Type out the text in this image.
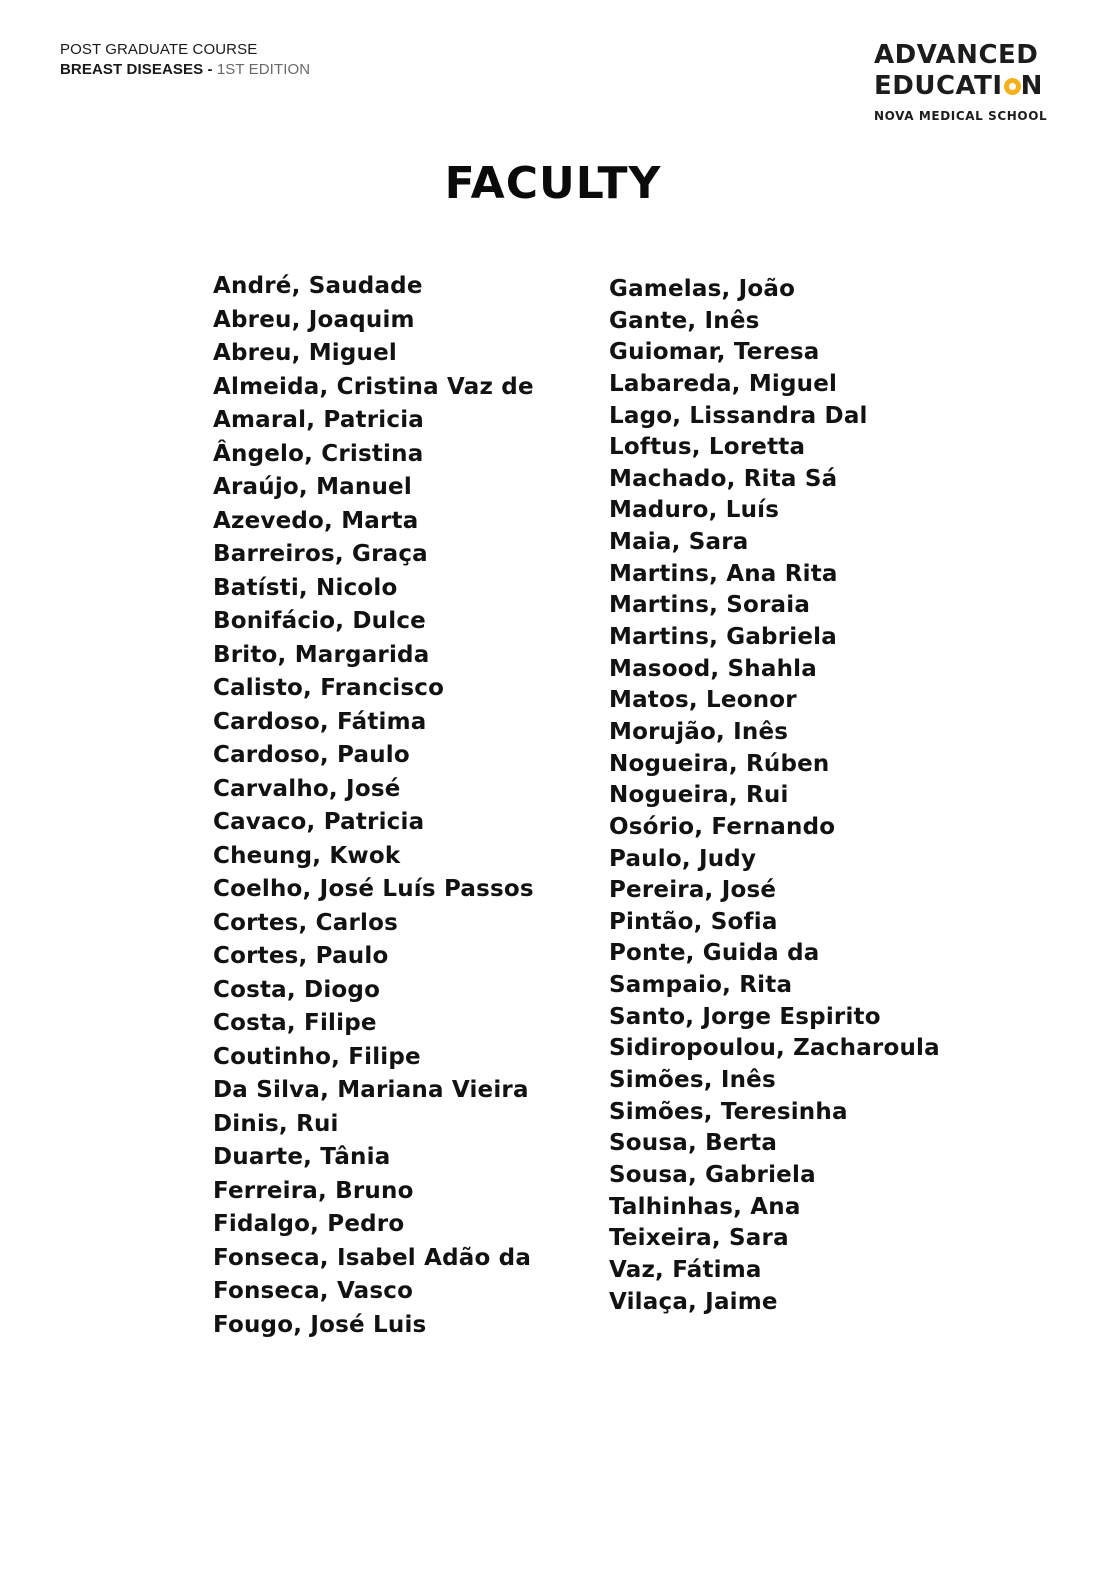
POST GRADUATE COURSE
BREAST DISEASES - 1ST EDITION	ADVANCED
EDUCATI N
NOVA MEDICAL SCHOOL
FACULTY
André, Saudade
Abreu, Joaquim
Abreu, Miguel
Almeida, Cristina Vaz de
Amaral, Patricia
Ângelo, Cristina
Araújo, Manuel
Azevedo, Marta
Barreiros, Graça
Batísti, Nicolo
Bonifácio, Dulce
Brito, Margarida
Calisto, Francisco
Cardoso, Fátima
Cardoso, Paulo
Carvalho, José
Cavaco, Patricia
Cheung, Kwok
Coelho, José Luís Passos
Cortes, Carlos
Cortes, Paulo
Costa, Diogo
Costa, Filipe
Coutinho, Filipe
Da Silva, Mariana Vieira
Dinis, Rui
Duarte, Tânia
Ferreira, Bruno
Fidalgo, Pedro
Fonseca, Isabel Adão da
Fonseca, Vasco
Fougo, José Luis
Gamelas, João
Gante, Inês
Guiomar, Teresa
Labareda, Miguel
Lago, Lissandra Dal
Loftus, Loretta
Machado, Rita Sá
Maduro, Luís
Maia, Sara
Martins, Ana Rita
Martins, Soraia
Martins, Gabriela
Masood, Shahla
Matos, Leonor
Morujão, Inês
Nogueira, Rúben
Nogueira, Rui
Osório, Fernando
Paulo, Judy
Pereira, José
Pintão, Sofia
Ponte, Guida da
Sampaio, Rita
Santo, Jorge Espirito
Sidiropoulou, Zacharoula
Simões, Inês
Simões, Teresinha
Sousa, Berta
Sousa, Gabriela
Talhinhas, Ana
Teixeira, Sara
Vaz, Fátima
Vilaça, Jaime
